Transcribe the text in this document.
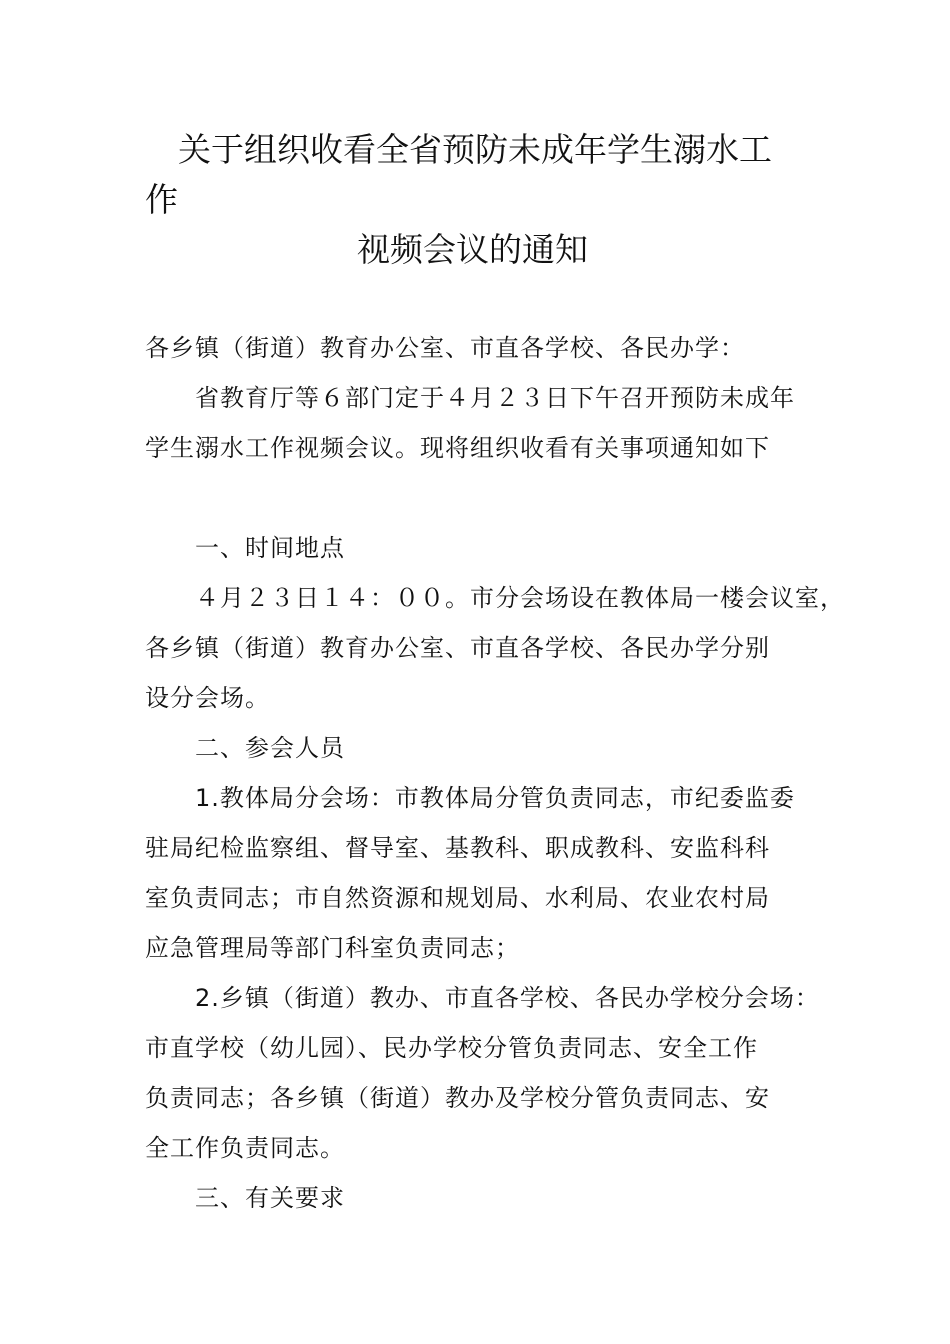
关于组织收看全省预防未成年学生溺水工
作
视频会议的通知

各乡镇（街道）教育办公室、市直各学校、各民办学：

省教育厅等６部门定于４月２３日下午召开预防未成年

学生溺水工作视频会议。现将组织收看有关事项通知如下

一、时间地点

４月２３日１４：００。市分会场设在教体局一楼会议室，

各乡镇（街道）教育办公室、市直各学校、各民办学分别

设分会场。

二、参会人员

1.教体局分会场：市教体局分管负责同志，市纪委监委

驻局纪检监察组、督导室、基教科、职成教科、安监科科

室负责同志；市自然资源和规划局、水利局、农业农村局

应急管理局等部门科室负责同志；

2.乡镇（街道）教办、市直各学校、各民办学校分会场：

市直学校（幼儿园）、民办学校分管负责同志、安全工作

负责同志；各乡镇（街道）教办及学校分管负责同志、安

全工作负责同志。

三、有关要求
